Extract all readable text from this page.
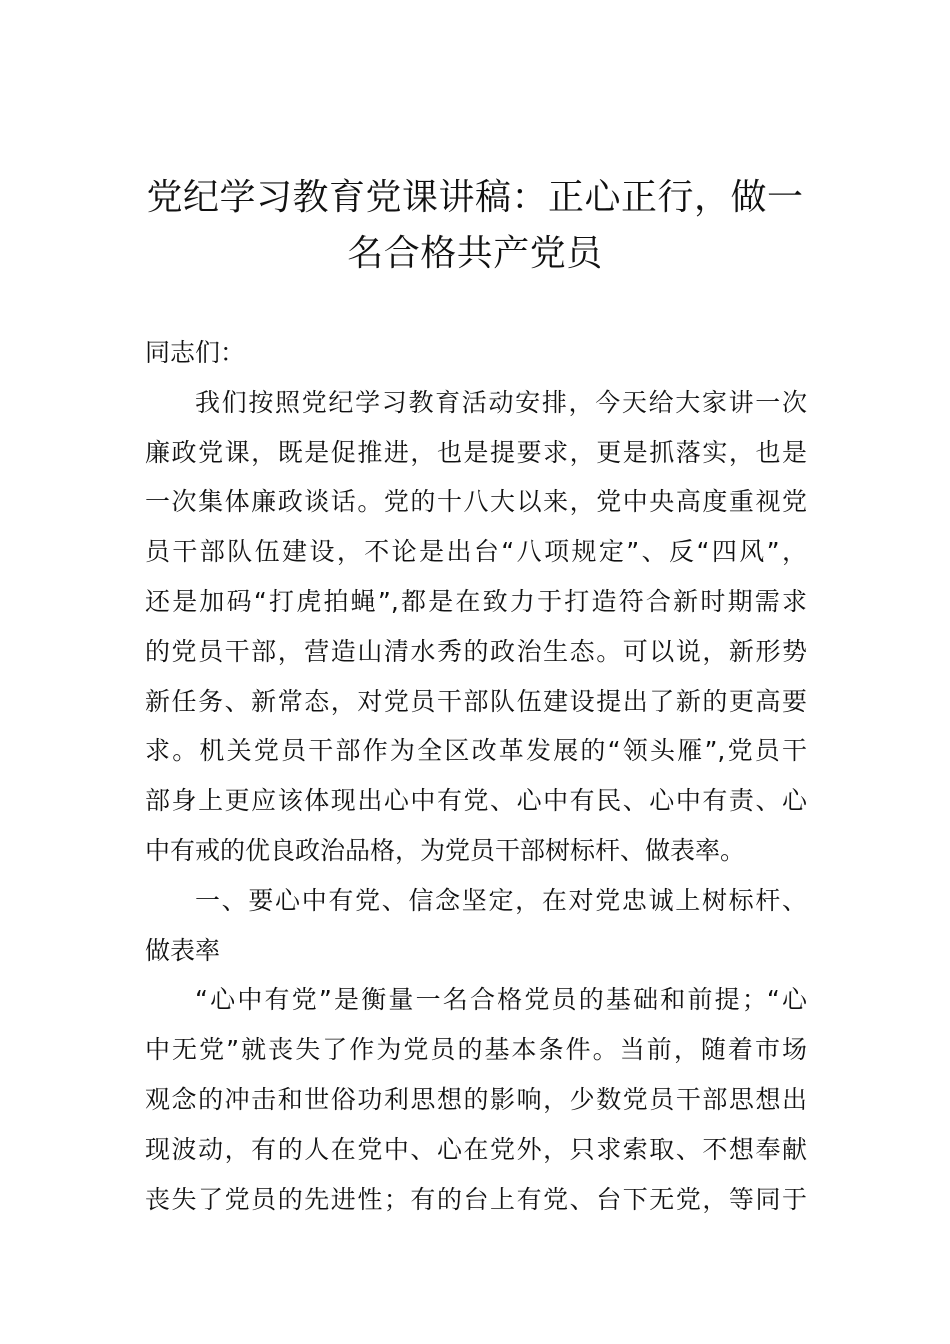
党纪学习教育党课讲稿：正心正行，做一
名合格共产党员

同志们：

我们按照党纪学习教育活动安排，今天给大家讲一次
廉政党课，既是促推进，也是提要求，更是抓落实，也是
一次集体廉政谈话。党的十八大以来，党中央高度重视党
员干部队伍建设，不论是出台“八项规定”、反“四风”，
还是加码“打虎拍蝇”,都是在致力于打造符合新时期需求
的党员干部，营造山清水秀的政治生态。可以说，新形势
新任务、新常态，对党员干部队伍建设提出了新的更高要
求。机关党员干部作为全区改革发展的“领头雁”,党员干
部身上更应该体现出心中有党、心中有民、心中有责、心
中有戒的优良政治品格，为党员干部树标杆、做表率。

一、要心中有党、信念坚定，在对党忠诚上树标杆、
做表率

“心中有党”是衡量一名合格党员的基础和前提；“心
中无党”就丧失了作为党员的基本条件。当前，随着市场
观念的冲击和世俗功利思想的影响，少数党员干部思想出
现波动，有的人在党中、心在党外，只求索取、不想奉献
丧失了党员的先进性；有的台上有党、台下无党，等同于
